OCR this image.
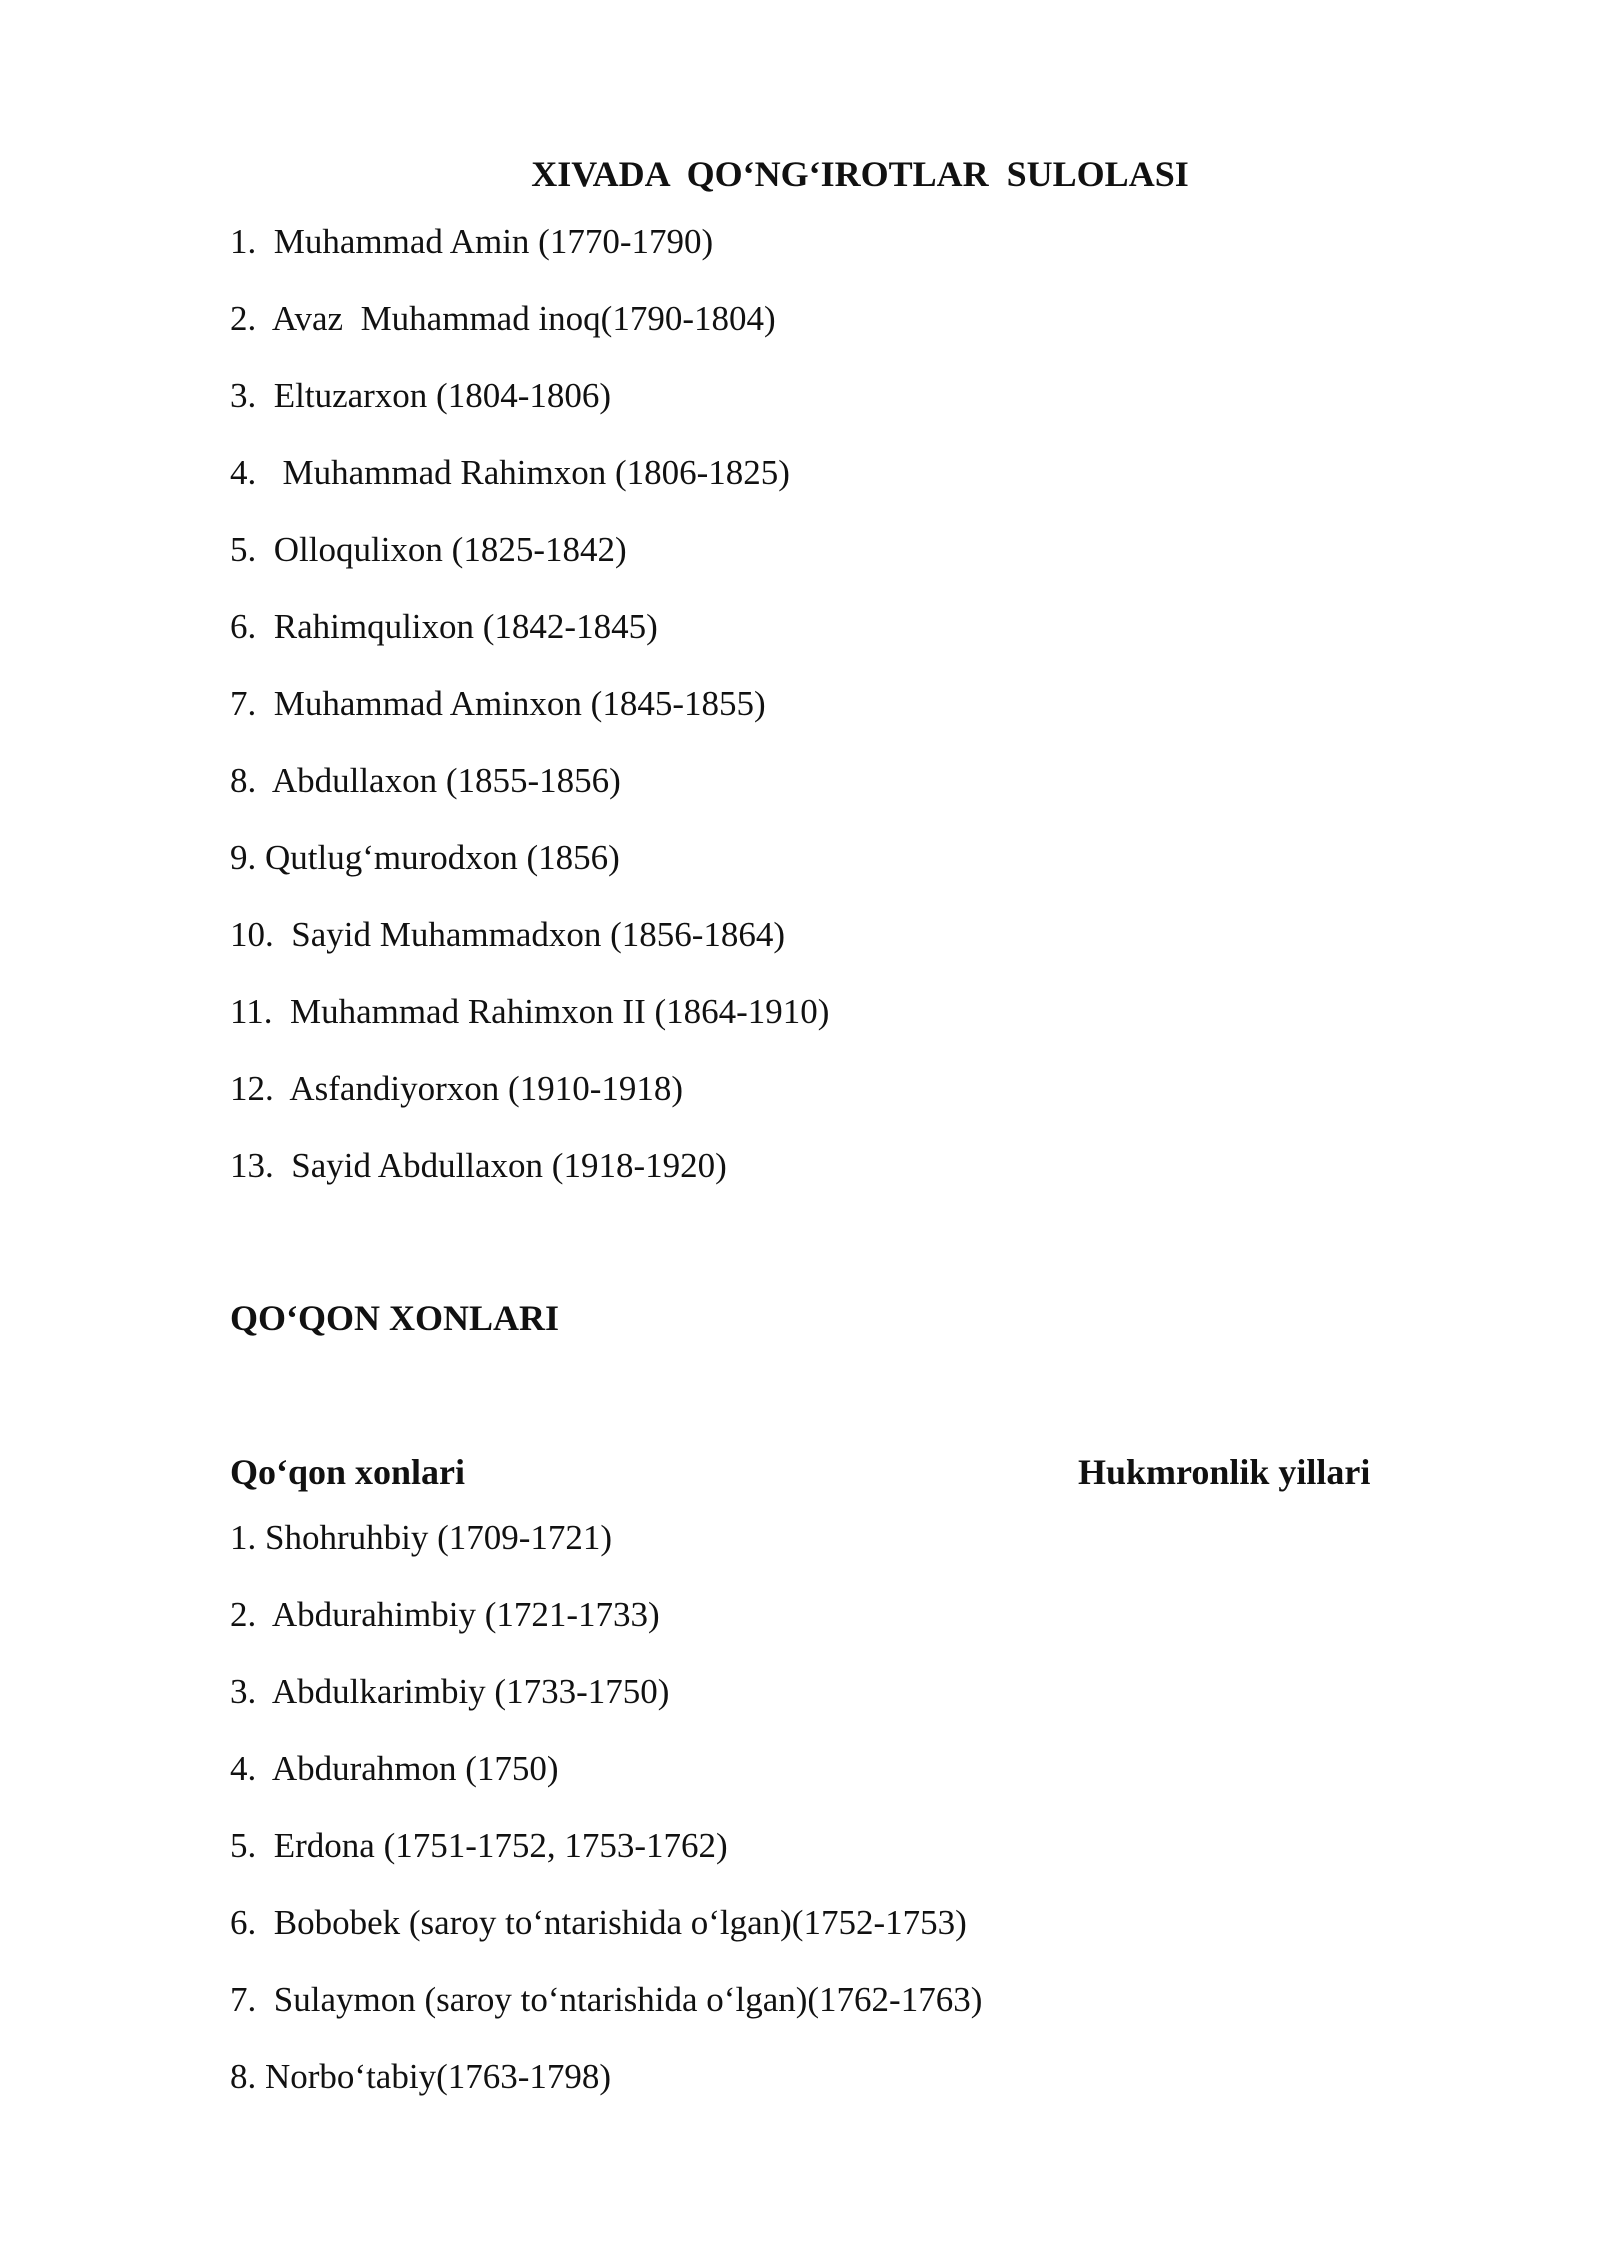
XIVADA  QO‘NG‘IROTLAR  SULOLASI
1.  Muhammad Amin (1770-1790)
2.  Avaz  Muhammad inoq(1790-1804)
3.  Eltuzarxon (1804-1806)
4.   Muhammad Rahimxon (1806-1825)
5.  Olloqulixon (1825-1842)
6.  Rahimqulixon (1842-1845)
7.  Muhammad Aminxon (1845-1855)
8.  Abdullaxon (1855-1856)
9. Qutlug‘murodxon (1856)
10.  Sayid Muhammadxon (1856-1864)
11.  Muhammad Rahimxon II (1864-1910)
12.  Asfandiyorxon (1910-1918)
13.  Sayid Abdullaxon (1918-1920)
QO‘QON XONLARI
Qo‘qon xonlari	Hukmronlik yillari
1. Shohruhbiy (1709-1721)
2.  Abdurahimbiy (1721-1733)
3.  Abdulkarimbiy (1733-1750)
4.  Abdurahmon (1750)
5.  Erdona (1751-1752, 1753-1762)
6.  Bobobek (saroy to‘ntarishida o‘lgan)(1752-1753)
7.  Sulaymon (saroy to‘ntarishida o‘lgan)(1762-1763)
8. Norbo‘tabiy(1763-1798)
